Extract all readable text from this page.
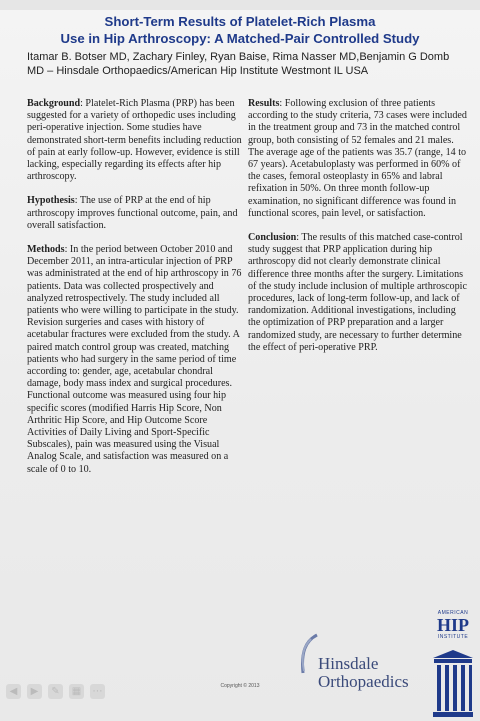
Short-Term Results of Platelet-Rich Plasma
Use in Hip Arthroscopy: A Matched-Pair Controlled Study
Itamar B. Botser MD, Zachary Finley, Ryan Baise, Rima Nasser MD,Benjamin G Domb
MD – Hinsdale Orthopaedics/American Hip Institute Westmont IL USA
Background: Platelet-Rich Plasma (PRP) has been suggested for a variety of orthopedic uses including peri-operative injection. Some studies have demonstrated short-term benefits including reduction of pain at early follow-up. However, evidence is still lacking, especially regarding its effects after hip arthroscopy.
Hypothesis: The use of PRP at the end of hip arthroscopy improves functional outcome, pain, and overall satisfaction.
Methods: In the period between October 2010 and December 2011, an intra-articular injection of PRP was administrated at the end of hip arthroscopy in 76 patients. Data was collected prospectively and analyzed retrospectively. The study included all patients who were willing to participate in the study. Revision surgeries and cases with history of acetabular fractures were excluded from the study. A paired match control group was created, matching patients who had surgery in the same period of time according to: gender, age, acetabular chondral damage, body mass index and surgical procedures. Functional outcome was measured using four hip specific scores (modified Harris Hip Score, Non Arthritic Hip Score, and Hip Outcome Score Activities of Daily Living and Sport-Specific Subscales), pain was measured using the Visual Analog Scale, and satisfaction was measured on a scale of 0 to 10.
Results: Following exclusion of three patients according to the study criteria, 73 cases were included in the treatment group and 73 in the matched control group, both consisting of 52 females and 21 males. The average age of the patients was 35.7 (range, 14 to 67 years). Acetabuloplasty was performed in 60% of the cases, femoral osteoplasty in 65% and labral refixation in 50%. On three month follow-up examination, no significant difference was found in functional scores, pain level, or satisfaction.
Conclusion: The results of this matched case-control study suggest that PRP application during hip arthroscopy did not clearly demonstrate clinical difference three months after the surgery. Limitations of the study include inclusion of multiple arthroscopic procedures, lack of long-term follow-up, and lack of randomization. Additional investigations, including the optimization of PRP preparation and a larger randomized study, are necessary to further determine the effect of peri-operative PRP.
Copyright © 2013
Hinsdale
Orthopaedics
AMERICAN
HIP
INSTITUTE
◀	▶	✎	▦ ⋯
